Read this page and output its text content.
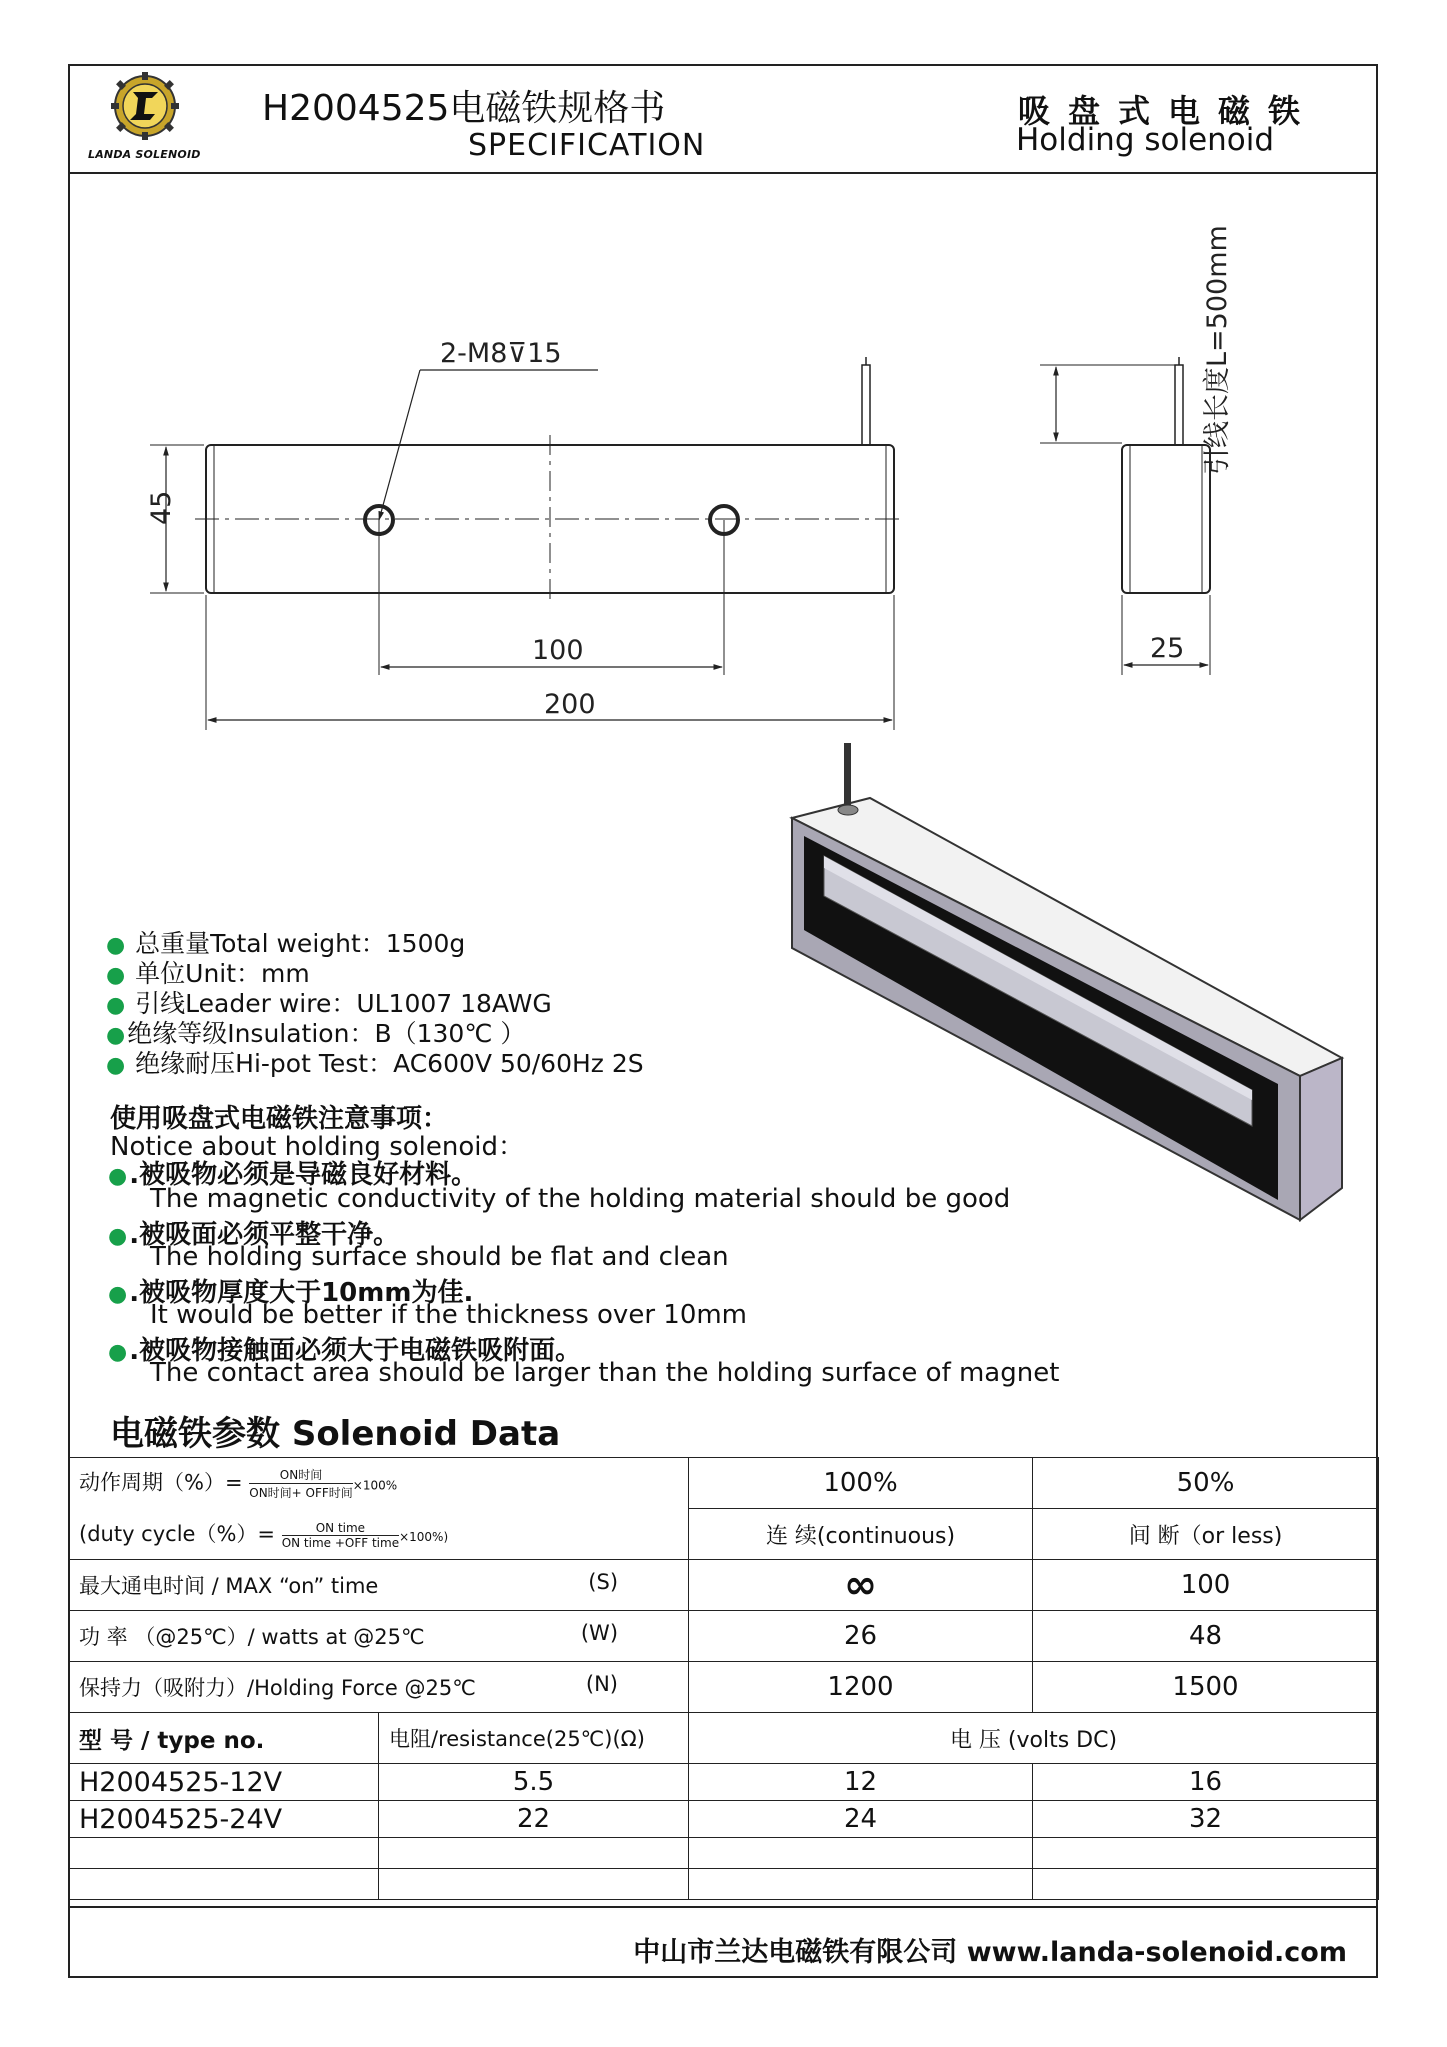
LANDA SOLENOID
H2004525电磁铁规格书
SPECIFICATION
吸盘式电磁铁
Holding solenoid
2-M8⊽15
45
100
200
25
引线长度L=500mm
● 总重量Total weight：1500g
● 单位Unit：mm
● 引线Leader wire：UL1007 18AWG
●绝缘等级Insulation：B（130℃ ）
● 绝缘耐压Hi-pot Test：AC600V 50/60Hz 2S
使用吸盘式电磁铁注意事项：
Notice about holding solenoid：
●.被吸物必须是导磁良好材料。
The magnetic conductivity of the holding material should be good
●.被吸面必须平整干净。
The holding surface should be flat and clean
●.被吸物厚度大于10mm为佳.
It would be better if the thickness over 10mm
●.被吸物接触面必须大于电磁铁吸附面。
The contact area should be larger than the holding surface of magnet
电磁铁参数 Solenoid Data
动作周期（%）= ON时间
ON时间+ OFF时间
×100%		100%	50%
(duty cycle（%）= ON time
ON time +OFF time ×100%)		连 续(continuous)	间 断（or less)
最大通电时间 / MAX “on” time (S)		∞	100
功 率 （@25℃）/ watts at @25℃ (W)		26	48
保持力（吸附力）/Holding Force @25℃ (N)		1200	1500
型 号 / type no.	电阻/resistance(25℃)(Ω)	电 压 (volts DC)	
H2004525-12V	5.5	12	16
H2004525-24V	22	24	32

中山市兰达电磁铁有限公司 www.landa-solenoid.com
